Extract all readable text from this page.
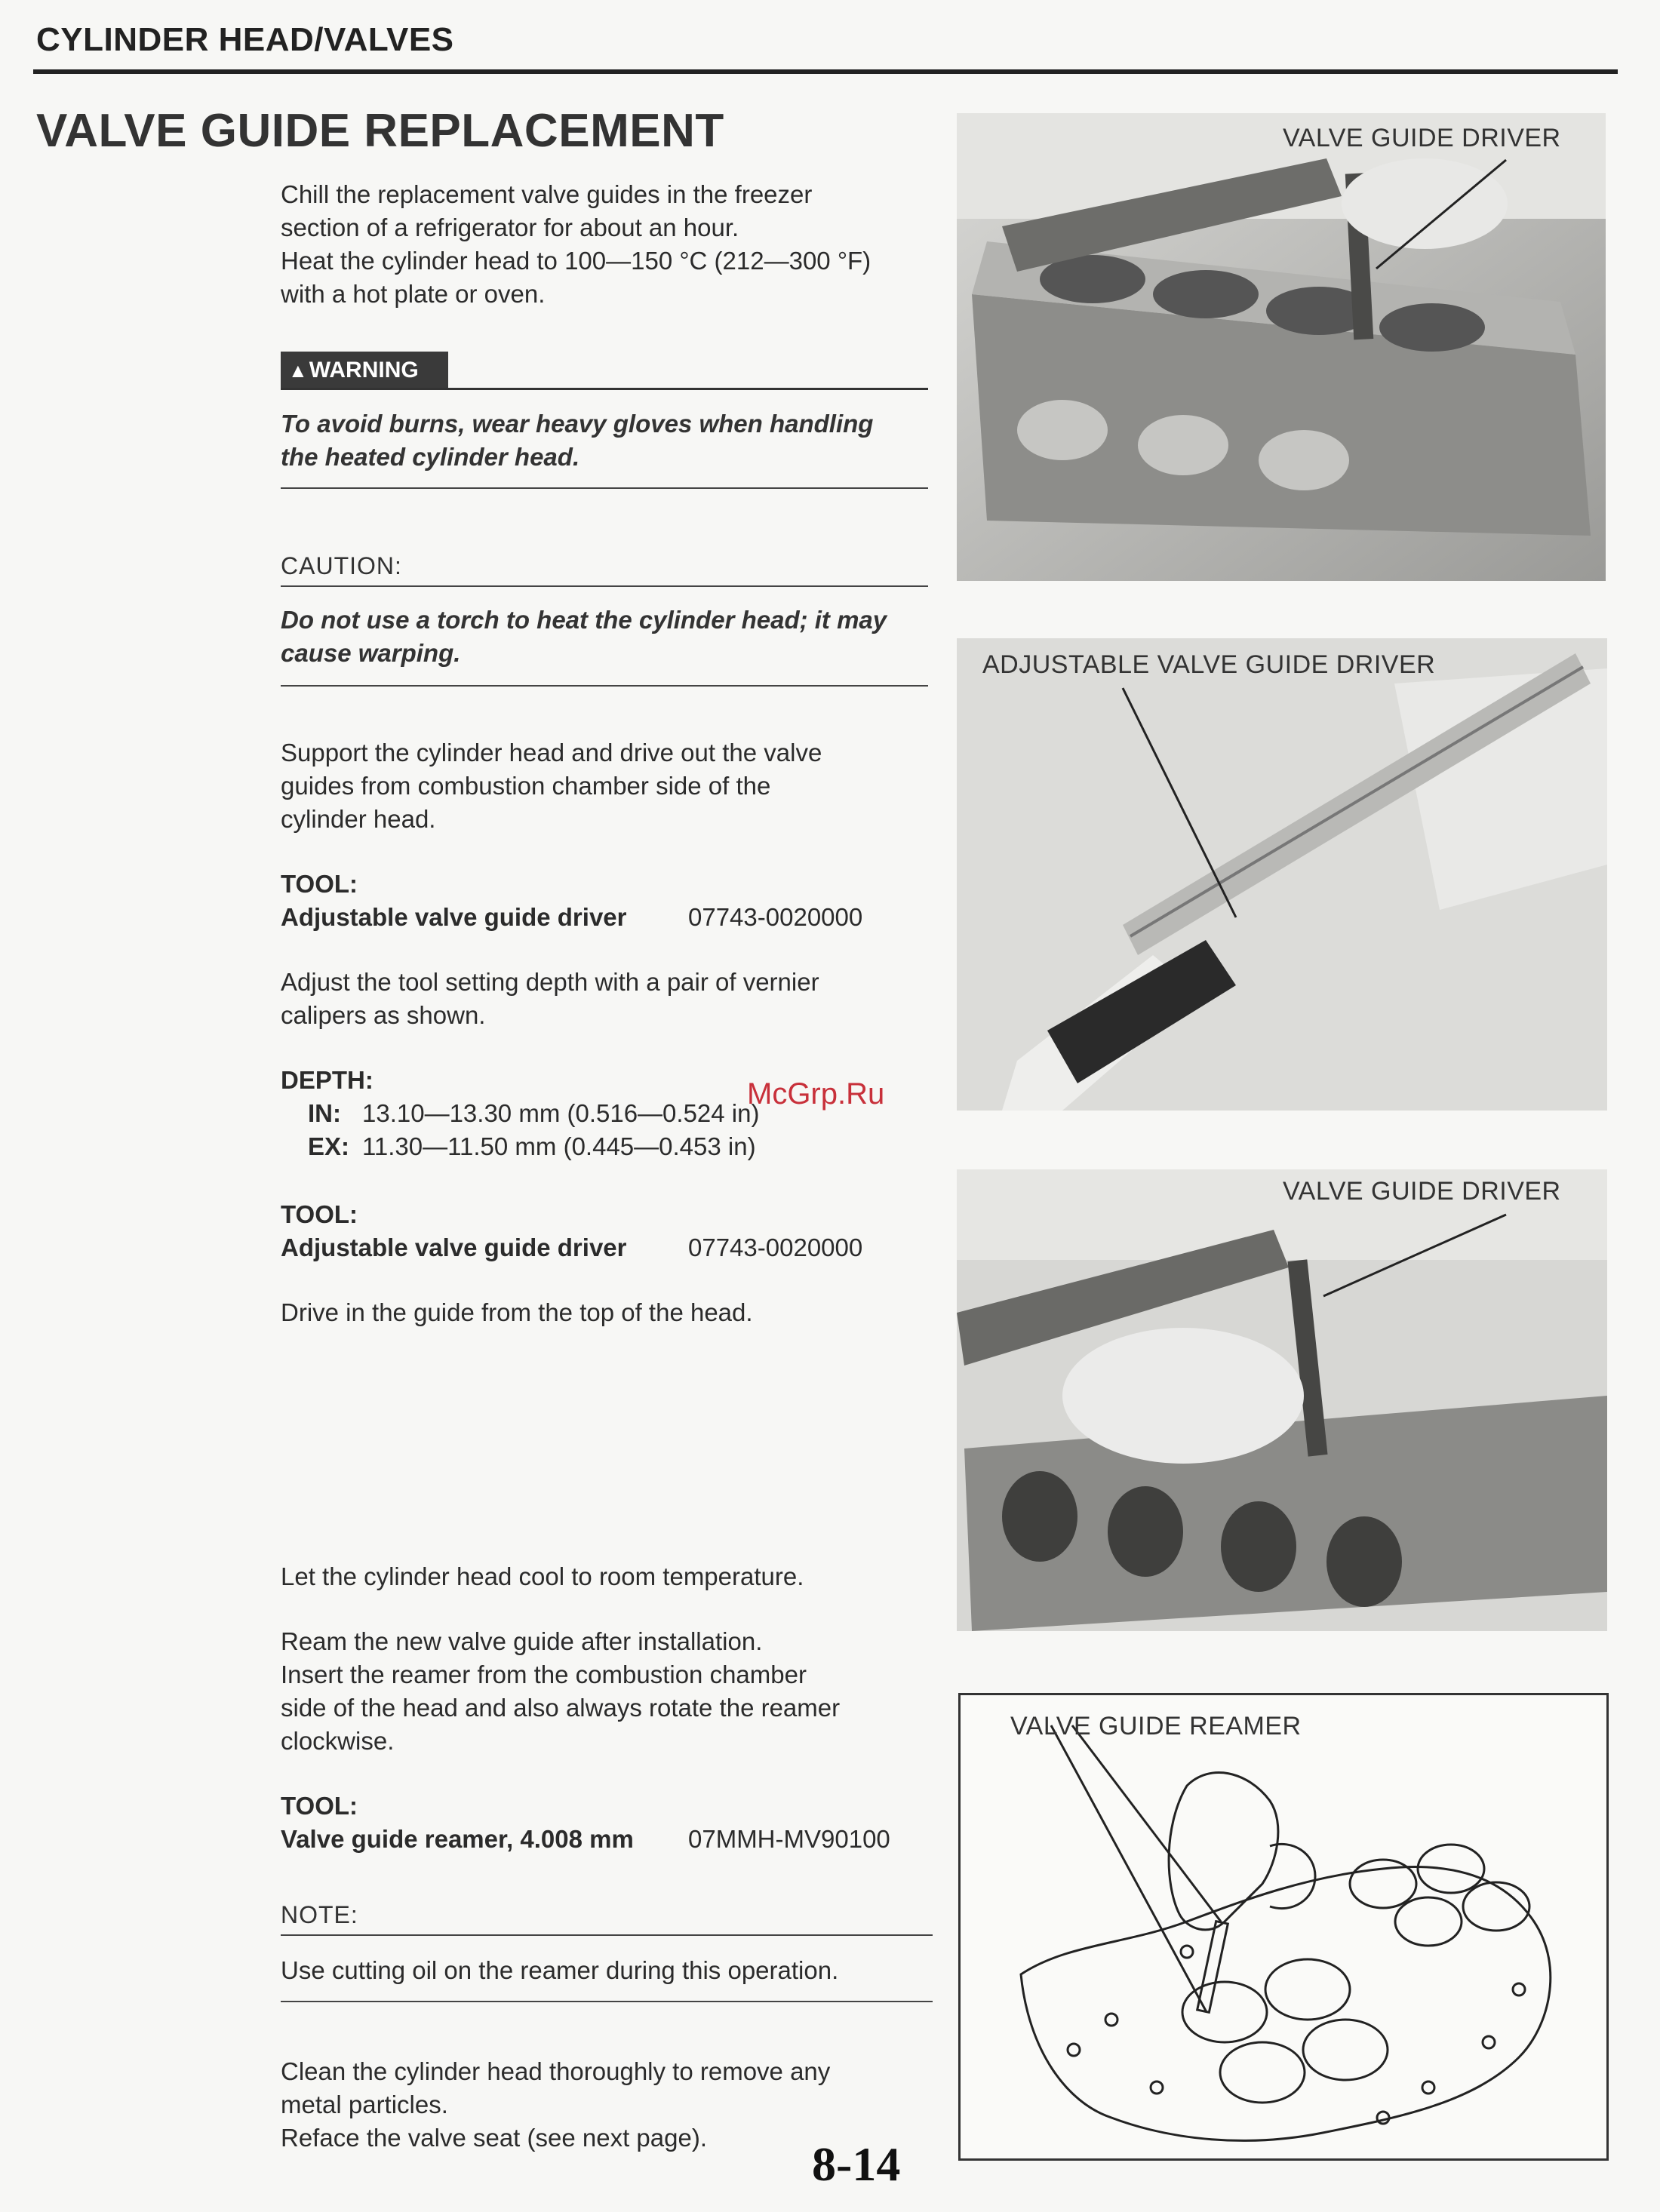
CYLINDER HEAD/VALVES
VALVE GUIDE REPLACEMENT
Chill the replacement valve guides in the freezer
section of a refrigerator for about an hour.
Heat the cylinder head to 100—150 °C (212—300 °F)
with a hot plate or oven.
▲WARNING
To avoid burns, wear heavy gloves when handling
the heated cylinder head.
CAUTION:
Do not use a torch to heat the cylinder head; it may
cause warping.
Support the cylinder head and drive out the valve
guides from combustion chamber side of the
cylinder head.
TOOL:
Adjustable valve guide driver 07743-0020000
Adjust the tool setting depth with a pair of vernier
calipers as shown.
DEPTH:
IN: 13.10—13.30 mm (0.516—0.524 in)
EX: 11.30—11.50 mm (0.445—0.453 in)
TOOL:
Adjustable valve guide driver 07743-0020000
Drive in the guide from the top of the head.
Let the cylinder head cool to room temperature.
Ream the new valve guide after installation.
Insert the reamer from the combustion chamber
side of the head and also always rotate the reamer
clockwise.
TOOL:
Valve guide reamer, 4.008 mm 07MMH-MV90100
NOTE:
Use cutting oil on the reamer during this operation.
Clean the cylinder head thoroughly to remove any
metal particles.
Reface the valve seat (see next page).	8-14
McGrp.Ru
VALVE GUIDE DRIVER
ADJUSTABLE VALVE GUIDE DRIVER
VALVE GUIDE DRIVER
VALVE GUIDE REAMER
